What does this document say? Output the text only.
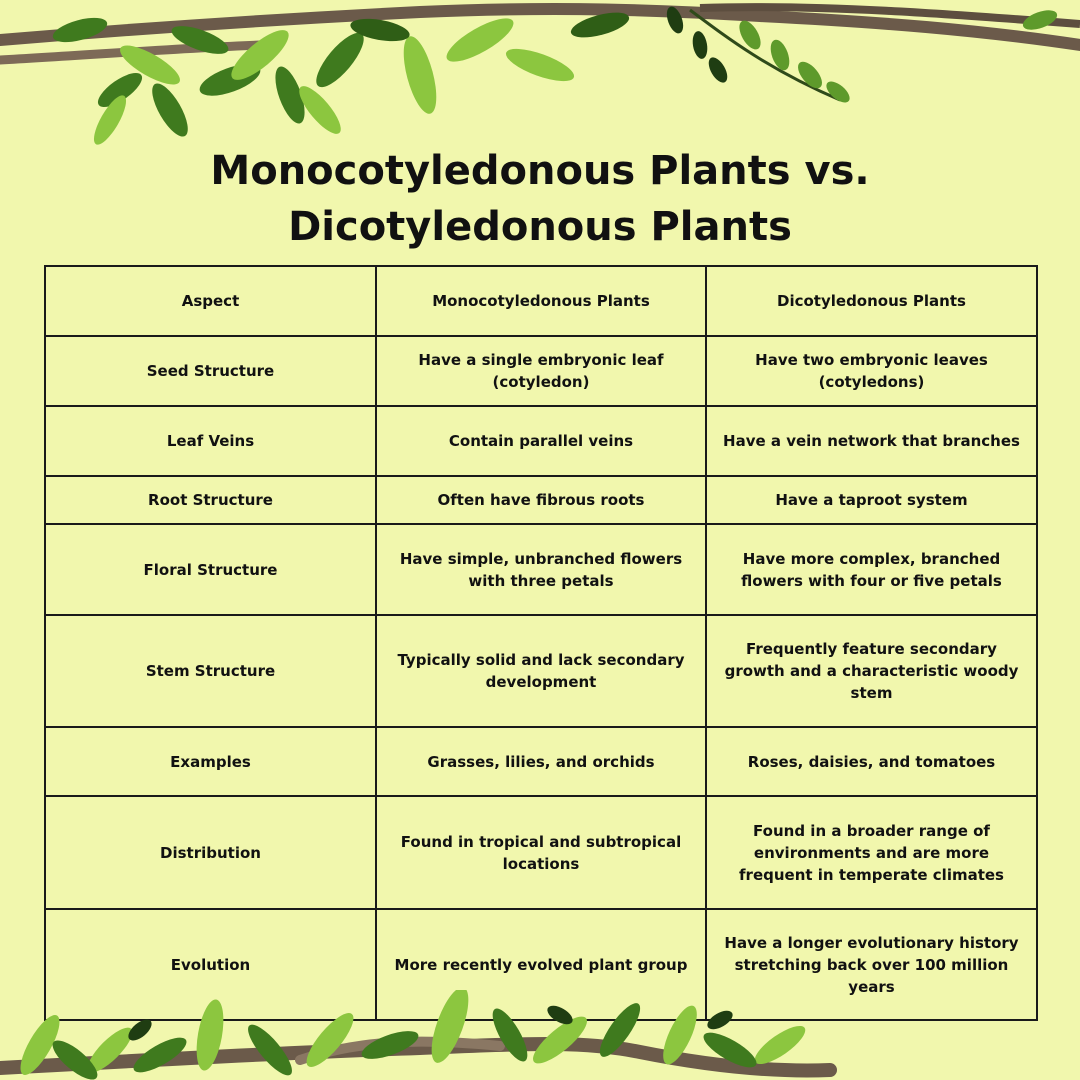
Monocotyledonous Plants vs.
Dicotyledonous Plants
Aspect	Monocotyledonous Plants	Dicotyledonous Plants
Seed Structure	Have a single embryonic leaf (cotyledon)	Have two embryonic leaves (cotyledons)
Leaf Veins	Contain parallel veins	Have a vein network that branches
Root Structure	Often have fibrous roots	Have a taproot system
Floral Structure	Have simple, unbranched flowers with three petals	Have more complex, branched flowers with four or five petals
Stem Structure	Typically solid and lack secondary development	Frequently feature secondary growth and a characteristic woody stem
Examples	Grasses, lilies, and orchids	Roses, daisies, and tomatoes
Distribution	Found in tropical and subtropical locations	Found in a broader range of environments and are more frequent in temperate climates
Evolution	More recently evolved plant group	Have a longer evolutionary history stretching back over 100 million years
